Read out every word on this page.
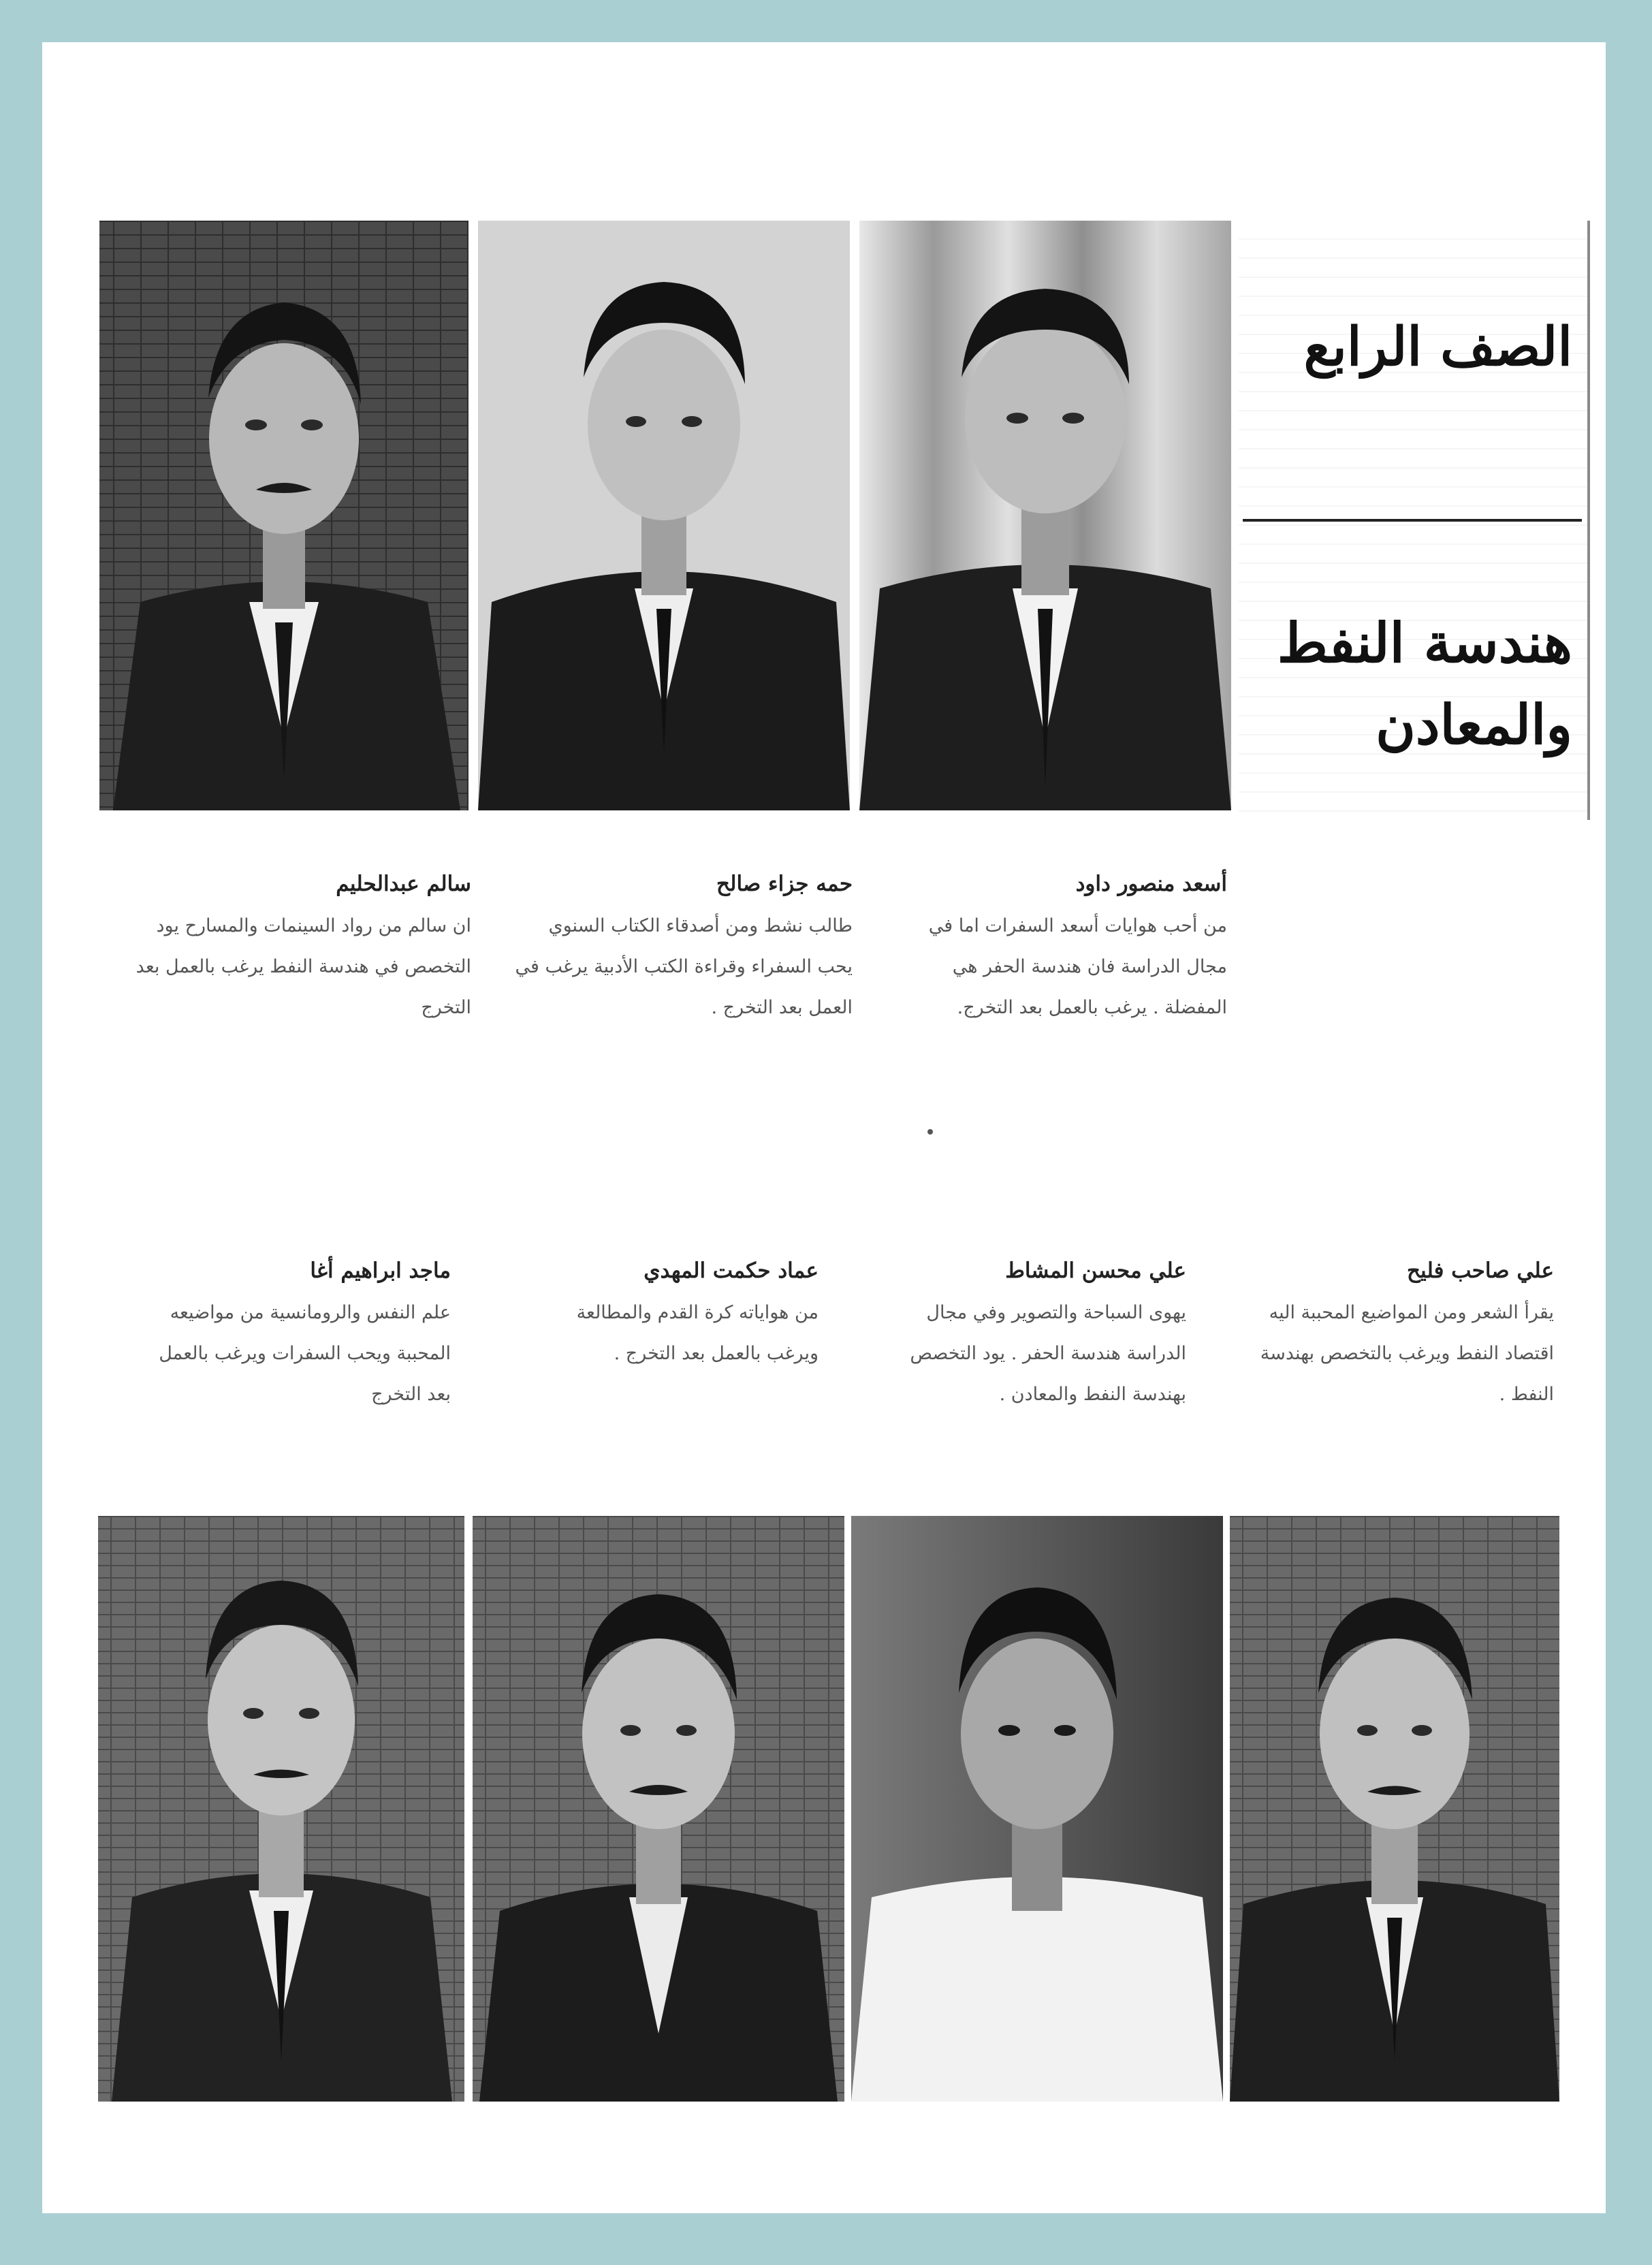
الصف الرابع
هندسة النفط
والمعادن
أسعد منصور داود
من أحب هوايات أسعد السفرات اما في مجال الدراسة فان هندسة الحفر هي المفضلة . يرغب بالعمل بعد التخرج.
حمه جزاء صالح
طالب نشط ومن أصدقاء الكتاب السنوي يحب السفراء وقراءة الكتب الأدبية يرغب في العمل بعد التخرج .
سالم عبدالحليم
ان سالم من رواد السينمات والمسارح يود التخصص في هندسة النفط يرغب بالعمل بعد التخرج
علي صاحب فليح
يقرأ الشعر ومن المواضيع المحببة اليه اقتصاد النفط ويرغب بالتخصص بهندسة النفط .
علي محسن المشاط
يهوى السباحة والتصوير وفي مجال الدراسة هندسة الحفر . يود التخصص بهندسة النفط والمعادن .
عماد حكمت المهدي
من هواياته كرة القدم والمطالعة ويرغب بالعمل بعد التخرج .
ماجد ابراهيم أغا
علم النفس والرومانسية من مواضيعه المحببة ويحب السفرات ويرغب بالعمل بعد التخرج
